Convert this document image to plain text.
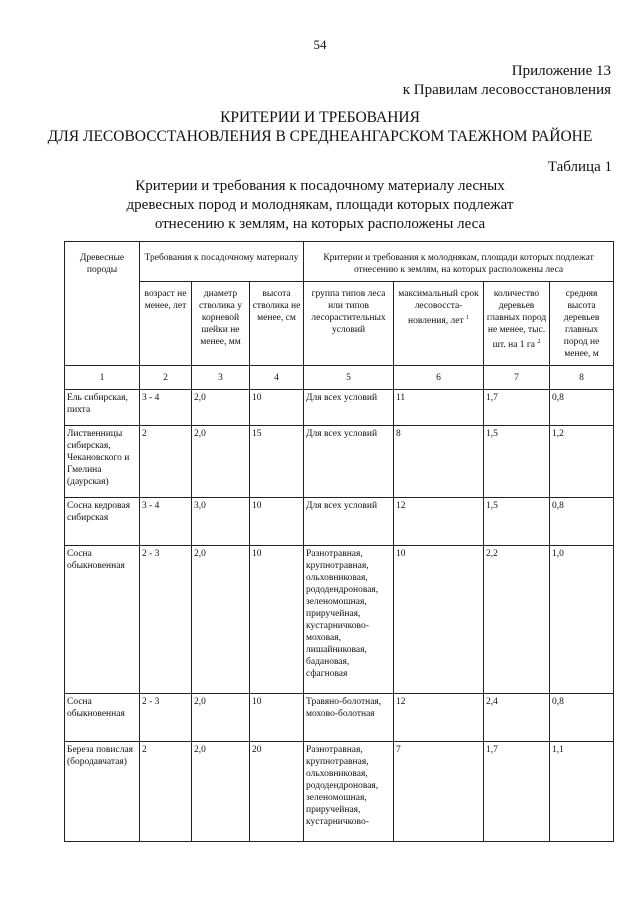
54
Приложение 13
к Правилам лесовосстановления
КРИТЕРИИ И ТРЕБОВАНИЯ
ДЛЯ ЛЕСОВОССТАНОВЛЕНИЯ В СРЕДНЕАНГАРСКОМ ТАЕЖНОМ РАЙОНЕ
Таблица 1
Критерии и требования к посадочному материалу лесных
древесных пород и молоднякам, площади которых подлежат
отнесению к землям, на которых расположены леса
Древесные породы	Требования к посадочному материалу			Критерии и требования к молоднякам, площади которых подлежат отнесению к землям, на которых расположены леса			
	возраст не менее, лет	диаметр стволика у корневой шейки не менее, мм	высота стволика не менее, см	группа типов леса или типов лесорастительных условий	максимальный срок лесовосста- новления, лет $^1$	количество деревьев главных пород не менее, тыс. шт. на 1 га $^2$	средняя высота деревьев главных пород не менее, м
1	2	3	4	5	6	7	8
Ель сибирская, пихта	3 - 4	2,0	10	Для всех условий	11	1,7	0,8
Лиственницы сибирская, Чекановского и Гмелина (даурская)	2	2,0	15	Для всех условий	8	1,5	1,2
Сосна кедровая сибирская	3 - 4	3,0	10	Для всех условий	12	1,5	0,8
Сосна обыкновенная	2 - 3	2,0	10	Разнотравная, крупнотравная, ольховниковая, рододендроновая, зеленомошная, приручейная, кустарничково-моховая, лишайниковая, бадановая, сфагновая	10	2,2	1,0
Сосна обыкновенная	2 - 3	2,0	10	Травяно-болотная, мохово-болотная	12	2,4	0,8
Береза повислая (бородавчатая)	2	2,0	20	Разнотравная, крупнотравная, ольховниковая, рододендроновая, зеленомошная, приручейная, кустарничково-	7	1,7	1,1
